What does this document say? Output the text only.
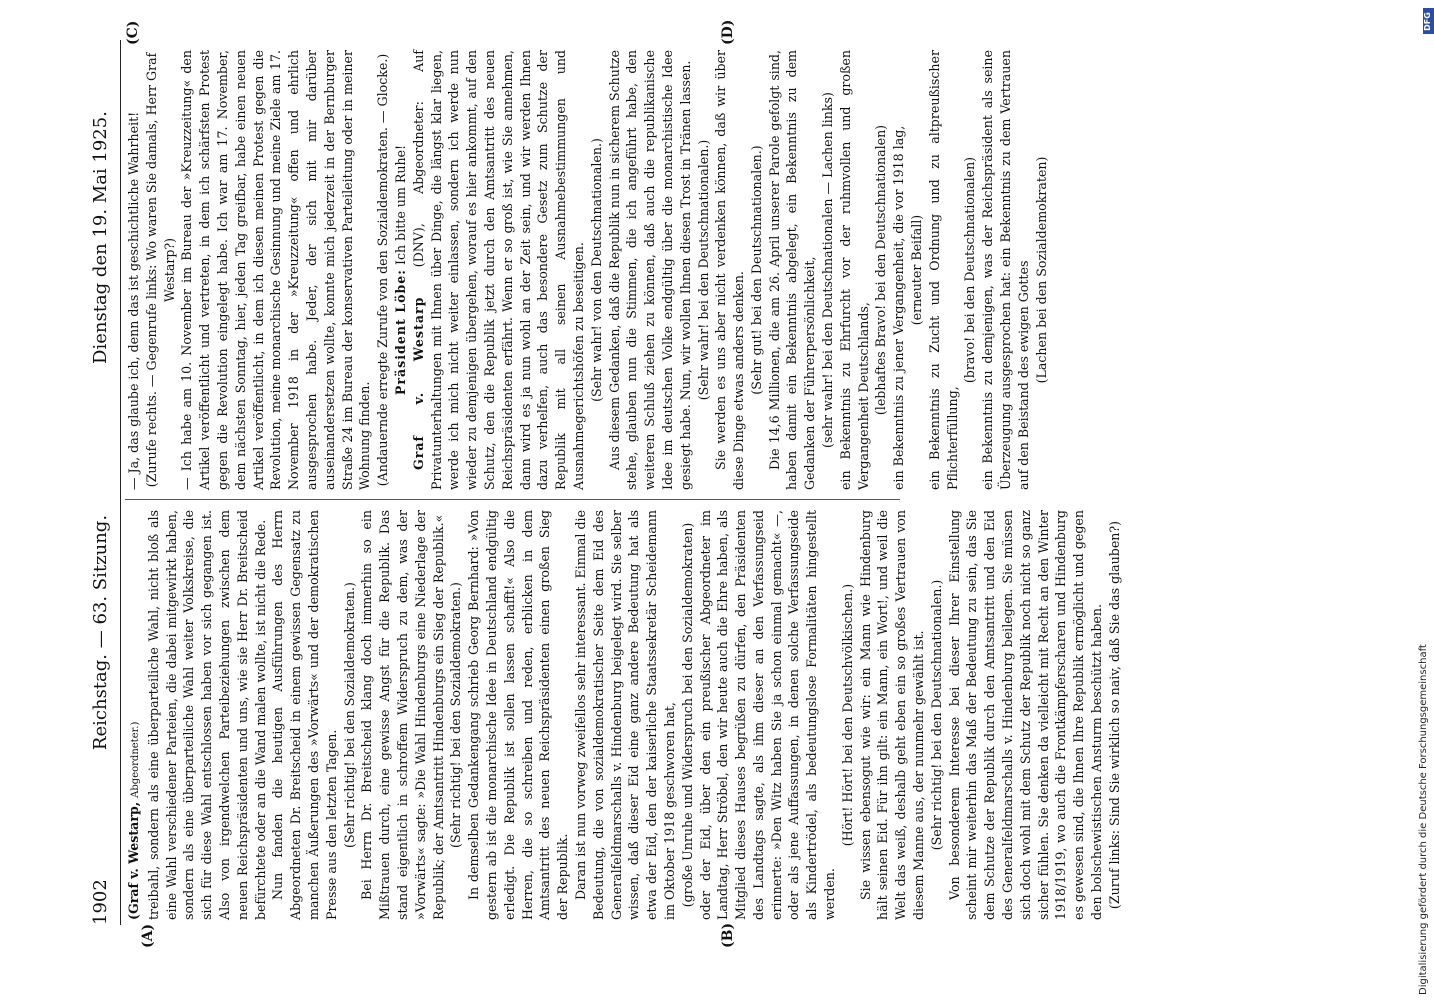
1902
Reichstag. — 63. Sitzung.
Dienstag den 19. Mai 1925.
(A)	(B)
(C)	(D)

(Graf v. Westarp, Abgeordneter.) treibahl, sondern als eine überparteiliche Wahl, nicht bloß als eine Wahl verschiedener Parteien, die dabei mitgewirkt haben, sondern als eine überparteiliche Wahl weiter Volkskreise, die sich für diese Wahl entschlossen haben vor sich gegangen ist. Also von irgendwelchen Parteibeziehungen zwischen dem neuen Reichspräsidenten und uns, wie sie Herr Dr. Breitscheid befürchtete oder an die Wand malen wollte, ist nicht die Rede. Nun fanden die heutigen Ausführungen des Herrn Abgeordneten Dr. Breitscheid in einem gewissen Gegensatz zu manchen Äußerungen des »Vorwärts« und der demokratischen Presse aus den letzten Tagen. (Sehr richtig! bei den Sozialdemokraten.) Bei Herrn Dr. Breitscheid klang doch immerhin so ein Mißtrauen durch, eine gewisse Angst für die Republik. Das stand eigentlich in schroffem Widerspruch zu dem, was der »Vorwärts« sagte: »Die Wahl Hindenburgs eine Niederlage der Republik; der Amtsantritt Hindenburgs ein Sieg der Republik.« (Sehr richtig! bei den Sozialdemokraten.) In demselben Gedankengang schrieb Georg Bernhard: »Von gestern ab ist die monarchische Idee in Deutschland endgültig erledigt. Die Republik ist sollen lassen schafft!« Also die Herren, die so schreiben und reden, erblicken in dem Amtsantritt des neuen Reichspräsidenten einen großen Sieg der Republik. Daran ist nun vorweg zweifellos sehr interessant. Einmal die Bedeutung, die von sozialdemokratischer Seite dem Eid des Generalfeldmarschalls v. Hindenburg beigelegt wird. Sie selber wissen, daß dieser Eid eine ganz andere Bedeutung hat als etwa der Eid, den der kaiserliche Staatssekretär Scheidemann im Oktober 1918 geschworen hat, (große Unruhe und Widerspruch bei den Sozialdemokraten) oder der Eid, über den ein preußischer Abgeordneter im Landtag, Herr Ströbel, den wir heute auch die Ehre haben, als Mitglied dieses Hauses begrüßen zu dürfen, den Präsidenten des Landtags sagte, als ihm dieser an den Verfassungseid erinnerte: »Den Witz haben Sie ja schon einmal gemacht« —, oder als jene Auffassungen, in denen solche Verfassungseide als Kindertrödel, als bedeutungslose Formalitäten hingestellt werden.

(Hört! Hört! bei den Deutschvölkischen.) Sie wissen ebensogut wie wir: ein Mann wie Hindenburg hält seinen Eid. Für ihn gilt: ein Mann, ein Wort!, und weil die Welt das weiß, deshalb geht eben ein so großes Vertrauen von diesem Manne aus, der nunmehr gewählt ist. (Sehr richtig! bei den Deutschnationalen.) Von besonderem Interesse bei dieser Ihrer Einstellung scheint mir weiterhin das Maß der Bedeutung zu sein, das Sie dem Schutze der Republik durch den Amtsantritt und den Eid des Generalfeldmarschalls v. Hindenburg beilegen. Sie müssen sich doch wohl mit dem Schutz der Republik noch nicht so ganz sicher fühlen. Sie denken da vielleicht mit Recht an den Winter 1918/1919, wo auch die Frontkämpferscharen und Hindenburg es gewesen sind, die Ihnen Ihre Republik ermöglicht und gegen den bolschewistischen Ansturm beschützt haben. (Zuruf links: Sind Sie wirklich so naiv, daß Sie das glauben?)

— Ja, das glaube ich, denn das ist geschichtliche Wahrheit! (Zurufe rechts. — Gegenrufe links: Wo waren Sie damals, Herr Graf Westarp?) — Ich habe am 10. November im Bureau der »Kreuzzeitung« den Artikel veröffentlicht und vertreten, in dem ich schärfsten Protest gegen die Revolution eingelegt habe. Ich war am 17. November, dem nächsten Sonntag, hier, jeden Tag greifbar, habe einen neuen Artikel veröffentlicht, in dem ich diesen meinen Protest gegen die Revolution, meine monarchische Gesinnung und meine Ziele am 17. November 1918 in der »Kreuzzeitung« offen und ehrlich ausgesprochen habe. Jeder, der sich mit mir darüber auseinandersetzen wollte, konnte mich jederzeit in der Bernburger Straße 24 im Bureau der konservativen Parteileitung oder in meiner Wohnung finden. (Andauernde erregte Zurufe von den Sozialdemokraten. — Glocke.) Präsident Löbe: Ich bitte um Ruhe!

Graf v. Westarp (DNV), Abgeordneter: Auf Privatunterhaltungen mit Ihnen über Dinge, die längst klar liegen, werde ich mich nicht weiter einlassen, sondern ich werde nun wieder zu demjenigen übergehen, worauf es hier ankommt, auf den Schutz, den die Republik jetzt durch den Amtsantritt des neuen Reichspräsidenten erfährt. Wenn er so groß ist, wie Sie annehmen, dann wird es ja nun wohl an der Zeit sein, und wir werden Ihnen dazu verhelfen, auch das besondere Gesetz zum Schutze der Republik mit all seinen Ausnahmebestimmungen und Ausnahmegerichtshöfen zu beseitigen. (Sehr wahr! von den Deutschnationalen.) Aus diesem Gedanken, daß die Republik nun in sicherem Schutze stehe, glauben nun die Stimmen, die ich angeführt habe, den weiteren Schluß ziehen zu können, daß auch die republikanische Idee im deutschen Volke endgültig über die monarchistische Idee gesiegt habe. Nun, wir wollen Ihnen diesen Trost in Tränen lassen. (Sehr wahr! bei den Deutschnationalen.) Sie werden es uns aber nicht verdenken können, daß wir über diese Dinge etwas anders denken. (Sehr gut! bei den Deutschnationalen.) Die 14,6 Millionen, die am 26. April unserer Parole gefolgt sind, haben damit ein Bekenntnis abgelegt, ein Bekenntnis zu dem Gedanken der Führerpersönlichkeit, (sehr wahr! bei den Deutschnationalen — Lachen links) ein Bekenntnis zu Ehrfurcht vor der ruhmvollen und großen Vergangenheit Deutschlands, (lebhaftes Bravo! bei den Deutschnationalen) ein Bekenntnis zu jener Vergangenheit, die vor 1918 lag, (erneuter Beifall) ein Bekenntnis zu Zucht und Ordnung und zu altpreußischer Pflichterfüllung,

(bravo! bei den Deutschnationalen) ein Bekenntnis zu demjenigen, was der Reichspräsident als seine Überzeugung ausgesprochen hat: ein Bekenntnis zu dem Vertrauen auf den Beistand des ewigen Gottes (Lachen bei den Sozialdemokraten)

Digitalisierung gefördert durch die Deutsche Forschungsgemeinschaft
DFG
